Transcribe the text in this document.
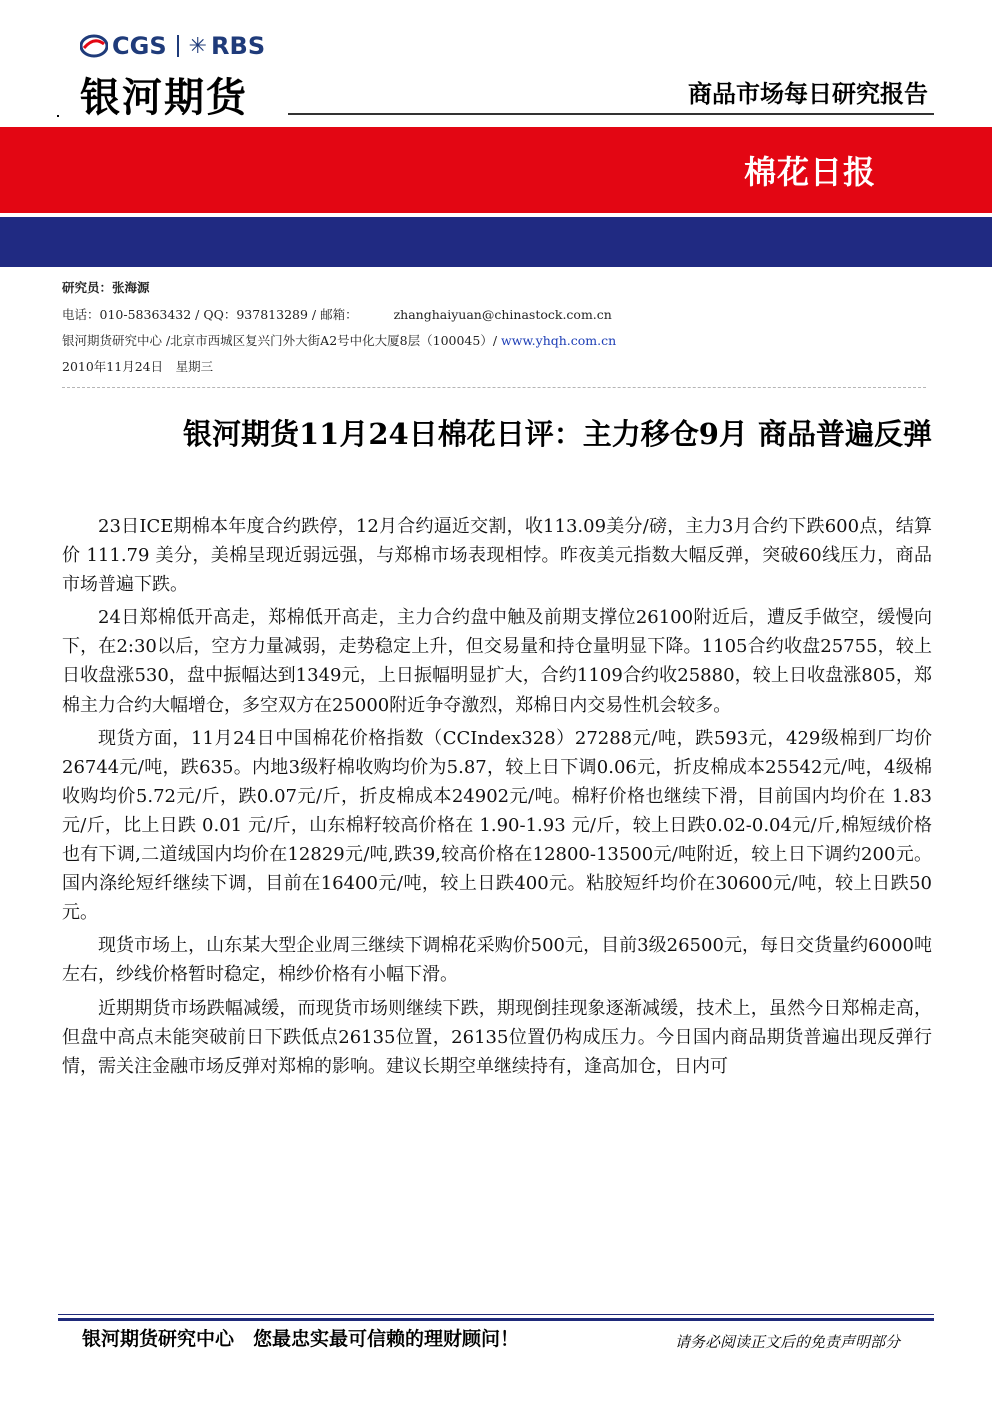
CGS ✳ RBS
银河期货	商品市场每日研究报告
棉花日报
研究员：张海源
电话：010-58363432 / QQ：937813289 / 邮箱：	zhanghaiyuan@chinastock.com.cn
银河期货研究中心 /北京市西城区复兴门外大街A2号中化大厦8层（100045）/ www.yhqh.com.cn
2010年11月24日　星期三
银河期货11月24日棉花日评：主力移仓9月 商品普遍反弹

23日ICE期棉本年度合约跌停，12月合约逼近交割，收113.09美分/磅，主力3月合约下跌600点，结算价 111.79 美分，美棉呈现近弱远强，与郑棉市场表现相悖。昨夜美元指数大幅反弹，突破60线压力，商品市场普遍下跌。

24日郑棉低开高走，郑棉低开高走，主力合约盘中触及前期支撑位26100附近后，遭反手做空，缓慢向下，在2:30以后，空方力量减弱，走势稳定上升，但交易量和持仓量明显下降。1105合约收盘25755，较上日收盘涨530，盘中振幅达到1349元，上日振幅明显扩大，合约1109合约收25880，较上日收盘涨805，郑棉主力合约大幅增仓，多空双方在25000附近争夺激烈，郑棉日内交易性机会较多。

现货方面，11月24日中国棉花价格指数（CCIndex328）27288元/吨，跌593元，429级棉到厂均价26744元/吨，跌635。内地3级籽棉收购均价为5.87，较上日下调0.06元，折皮棉成本25542元/吨，4级棉收购均价5.72元/斤，跌0.07元/斤，折皮棉成本24902元/吨。棉籽价格也继续下滑，目前国内均价在 1.83 元/斤，比上日跌 0.01 元/斤，山东棉籽较高价格在 1.90-1.93 元/斤，较上日跌0.02-0.04元/斤,棉短绒价格也有下调,二道绒国内均价在12829元/吨,跌39,较高价格在12800-13500元/吨附近，较上日下调约200元。 国内涤纶短纤继续下调，目前在16400元/吨，较上日跌400元。粘胶短纤均价在30600元/吨，较上日跌50元。

现货市场上，山东某大型企业周三继续下调棉花采购价500元，目前3级26500元，每日交货量约6000吨左右，纱线价格暂时稳定，棉纱价格有小幅下滑。

近期期货市场跌幅减缓，而现货市场则继续下跌，期现倒挂现象逐渐减缓，技术上，虽然今日郑棉走高，但盘中高点未能突破前日下跌低点26135位置，26135位置仍构成压力。今日国内商品期货普遍出现反弹行情，需关注金融市场反弹对郑棉的影响。建议长期空单继续持有，逢高加仓，日内可

银河期货研究中心　您最忠实最可信赖的理财顾问！	请务必阅读正文后的免责声明部分
